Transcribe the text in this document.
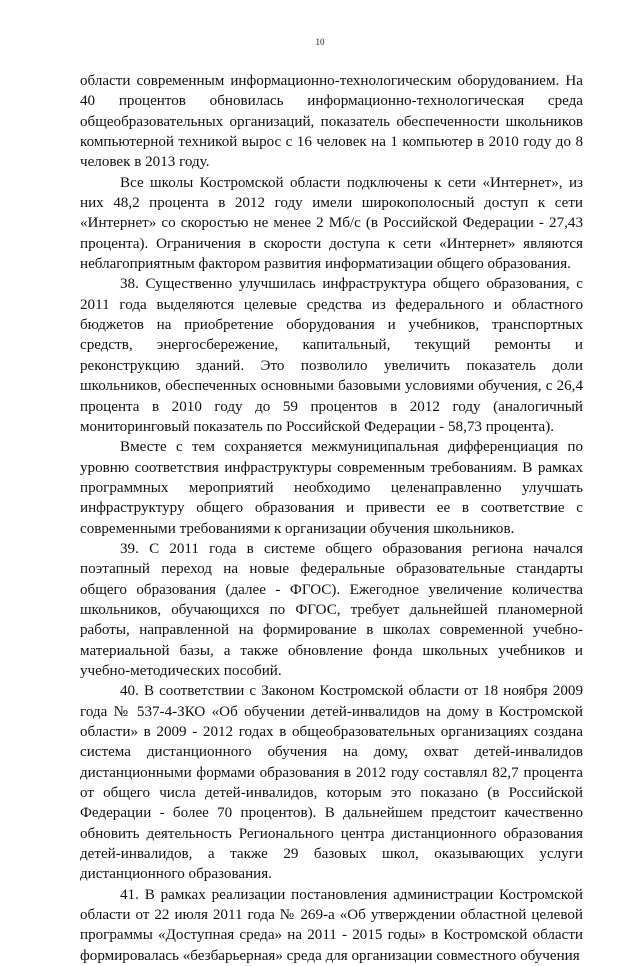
10

области современным информационно-технологическим оборудованием. На 40 процентов обновилась информационно-технологическая среда общеобразовательных организаций, показатель обеспеченности школьников компьютерной техникой вырос с 16 человек на 1 компьютер в 2010 году до 8 человек в 2013 году.

Все школы Костромской области подключены к сети «Интернет», из них 48,2 процента в 2012 году имели широкополосный доступ к сети «Интернет» со скоростью не менее 2 Мб/с (в Российской Федерации - 27,43 процента). Ограничения в скорости доступа к сети «Интернет» являются неблагоприятным фактором развития информатизации общего образования.

38. Существенно улучшилась инфраструктура общего образования, с 2011 года выделяются целевые средства из федерального и областного бюджетов на приобретение оборудования и учебников, транспортных средств, энергосбережение, капитальный, текущий ремонты и реконструкцию зданий. Это позволило увеличить показатель доли школьников, обеспеченных основными базовыми условиями обучения, с 26,4 процента в 2010 году до 59 процентов в 2012 году (аналогичный мониторинговый показатель по Российской Федерации - 58,73 процента).

Вместе с тем сохраняется межмуниципальная дифференциация по уровню соответствия инфраструктуры современным требованиям. В рамках программных мероприятий необходимо целенаправленно улучшать инфраструктуру общего образования и привести ее в соответствие с современными требованиями к организации обучения школьников.

39. С 2011 года в системе общего образования региона начался поэтапный переход на новые федеральные образовательные стандарты общего образования (далее - ФГОС). Ежегодное увеличение количества школьников, обучающихся по ФГОС, требует дальнейшей планомерной работы, направленной на формирование в школах современной учебно-материальной базы, а также обновление фонда школьных учебников и учебно-методических пособий.

40. В соответствии с Законом Костромской области от 18 ноября 2009 года № 537-4-ЗКО «Об обучении детей-инвалидов на дому в Костромской области» в 2009 - 2012 годах в общеобразовательных организациях создана система дистанционного обучения на дому, охват детей-инвалидов дистанционными формами образования в 2012 году составлял 82,7 процента от общего числа детей-инвалидов, которым это показано (в Российской Федерации - более 70 процентов). В дальнейшем предстоит качественно обновить деятельность Регионального центра дистанционного образования детей-инвалидов, а также 29 базовых школ, оказывающих услуги дистанционного образования.

41. В рамках реализации постановления администрации Костромской области от 22 июля 2011 года № 269-а «Об утверждении областной целевой программы «Доступная среда» на 2011 - 2015 годы» в Костромской области формировалась «безбарьерная» среда для организации совместного обучения
